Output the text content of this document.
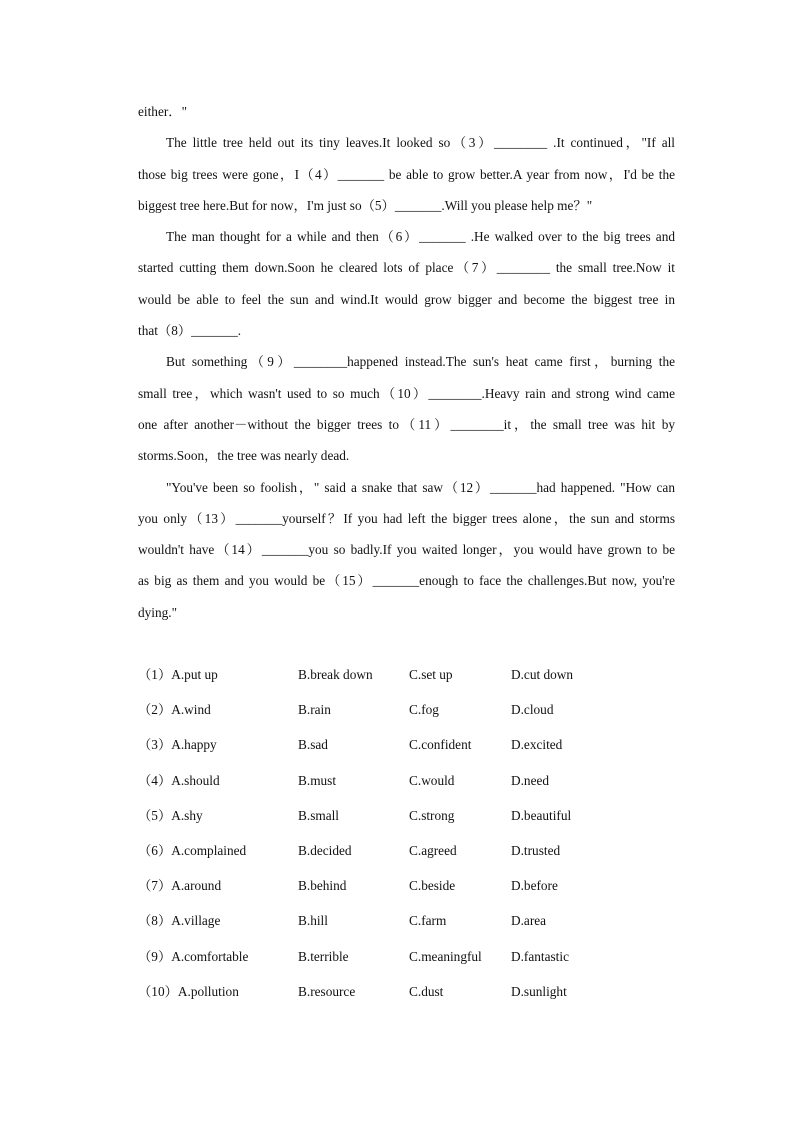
either．"
The little tree held out its tiny leaves.It looked so（3）________ .It continued，"If all
those big trees were gone，I（4）_______ be able to grow better.A year from now，I'd be the
biggest tree here.But for now，I'm just so（5）_______.Will you please help me？"
The man thought for a while and then（6）_______ .He walked over to the big trees and
started cutting them down.Soon he cleared lots of place（7）________ the small tree.Now it
would be able to feel the sun and wind.It would grow bigger and become the biggest tree in
that（8）_______.
But something（9）________happened instead.The sun's heat came first，burning the
small tree，which wasn't used to so much（10）________.Heavy rain and strong wind came
one after another－without the bigger trees to（11）________it，the small tree was hit by
storms.Soon，the tree was nearly dead.
"You've been so foolish，" said a snake that saw（12）_______had happened. "How can
you only（13）_______yourself？If you had left the bigger trees alone，the sun and storms
wouldn't have（14）_______you so badly.If you waited longer，you would have grown to be
as big as them and you would be（15）_______enough to face the challenges.But now, you're
dying."
（1）A.put up	B.break down	C.set up	D.cut down
（2）A.wind	B.rain	C.fog	D.cloud
（3）A.happy	B.sad	C.confident	D.excited
（4）A.should	B.must	C.would	D.need
（5）A.shy	B.small	C.strong	D.beautiful
（6）A.complained	B.decided	C.agreed	D.trusted
（7）A.around	B.behind	C.beside	D.before
（8）A.village	B.hill	C.farm	D.area
（9）A.comfortable	B.terrible	C.meaningful D.fantastic
（10）A.pollution	B.resource	C.dust	D.sunlight
